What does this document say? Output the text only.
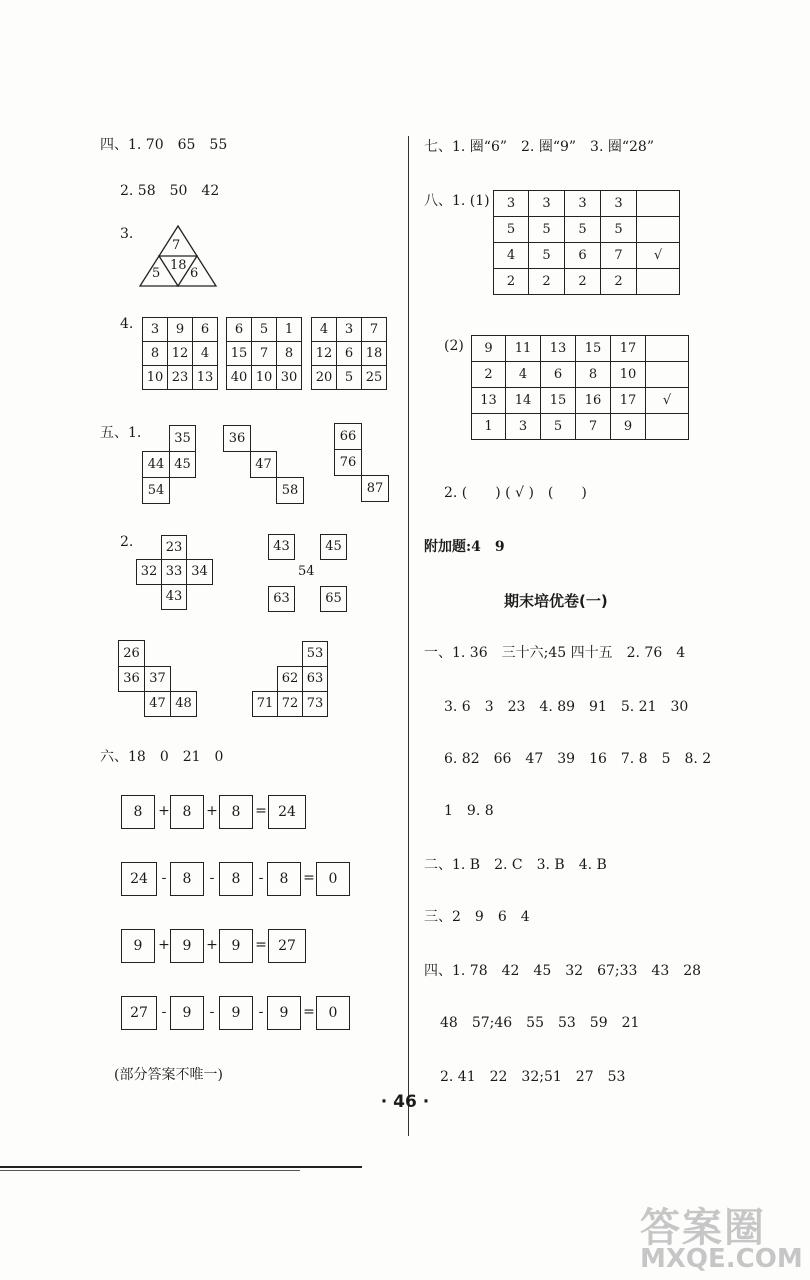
四、1. 70　65　55
2. 58　50　42
3.
7
5
18
6
4. 3	9	6
8	12	4
10	23	13
6	5	1
15	7	8
40	10	30
4	3	7
12	6	18
20	5	25
五、1.	35
44 45
54
36
47
58
66
76
87
2.	23
32 33 34
43
43	45
54
63	65
26
36 37
47 48
53
62 63
71 72 73
六、18　0　21　0
8	+ 8	+ 8	= 24
24 -	8	-	8	-	8	= 0
9	+ 9	+ 9	= 27
27 -	9	-	9	-	9	= 0
(部分答案不唯一)
七、1. 圈“6”　2. 圈“9”　3. 圈“28”
八、1. (1) 3	3	3	3	
5	5	5	5	
4	5	6	7	√
2	2	2	2	
(2) 9	11	13	15	17	
2	4	6	8	10	
13	14	15	16	17	√
1	3	5	7	9	
2. (　　) ( √ )　(　　)
附加题:4　9
期末培优卷(一)
一、1. 36　三十六;45 四十五　2. 76　4
3. 6　3　23　4. 89　91　5. 21　30
6. 82　66　47　39　16　7. 8　5　8. 2
1　9. 8
二、1. B　2. C　3. B　4. B
三、2　9　6　4
四、1. 78　42　45　32　67;33　43　28
48　57;46　55　53　59　21
2. 41　22　32;51　27　53
· 46 ·
答案圈
MXQE.COM
